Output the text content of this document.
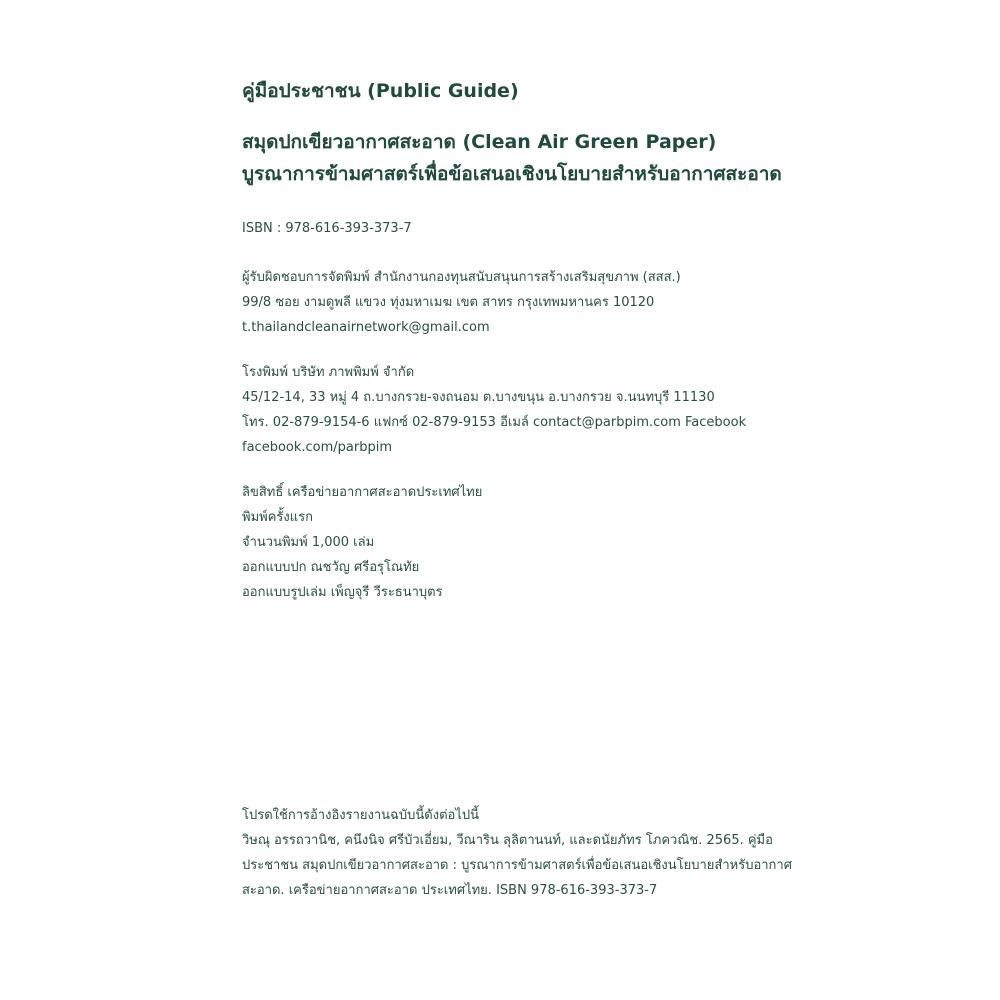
คู่มือประชาชน (Public Guide)
สมุดปกเขียวอากาศสะอาด (Clean Air Green Paper)
บูรณาการข้ามศาสตร์เพื่อข้อเสนอเชิงนโยบายสำหรับอากาศสะอาด
ISBN : 978-616-393-373-7
ผู้รับผิดชอบการจัดพิมพ์ สำนักงานกองทุนสนับสนุนการสร้างเสริมสุขภาพ (สสส.)
99/8 ซอย งามดูพลี แขวง ทุ่งมหาเมฆ เขต สาทร กรุงเทพมหานคร 10120
t.thailandcleanairnetwork@gmail.com
โรงพิมพ์ บริษัท ภาพพิมพ์ จำกัด
45/12-14, 33 หมู่ 4 ถ.บางกรวย-จงถนอม ต.บางขนุน อ.บางกรวย จ.นนทบุรี 11130
โทร. 02-879-9154-6 แฟกซ์ 02-879-9153 อีเมล์ contact@parbpim.com Facebook
facebook.com/parbpim
ลิขสิทธิ์ เครือข่ายอากาศสะอาดประเทศไทย
พิมพ์ครั้งแรก
จำนวนพิมพ์ 1,000 เล่ม
ออกแบบปก ณชวัญ ศรีอรุโณทัย
ออกแบบรูปเล่ม เพ็ญจุรี วีระธนาบุตร
โปรดใช้การอ้างอิงรายงานฉบับนี้ดังต่อไปนี้
วิษณุ อรรถวานิช, คนึงนิจ ศรีบัวเอี่ยม, วีณาริน ลุลิตานนท์, และดนัยภัทร โภควณิช. 2565. คู่มือ
ประชาชน สมุดปกเขียวอากาศสะอาด : บูรณาการข้ามศาสตร์เพื่อข้อเสนอเชิงนโยบายสำหรับอากาศ
สะอาด. เครือข่ายอากาศสะอาด ประเทศไทย. ISBN 978-616-393-373-7
